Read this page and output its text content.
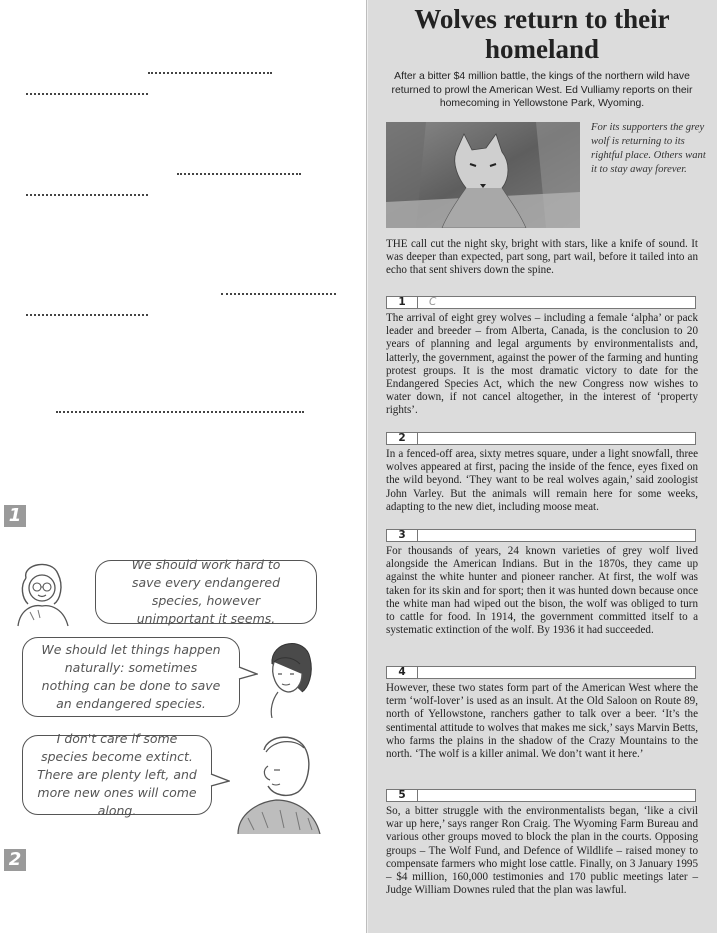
1
2
We should work hard to save every endangered species, however unimportant it seems.
We should let things happen naturally: sometimes nothing can be done to save an endangered species.
I don't care if some species become extinct. There are plenty left, and more new ones will come along.
Wolves return to their homeland
After a bitter $4 million battle, the kings of the northern wild have returned to prowl the American West. Ed Vulliamy reports on their homecoming in Yellowstone Park, Wyoming.
For its supporters the grey wolf is returning to its rightful place. Others want it to stay away forever.

THE call cut the night sky, bright with stars, like a knife of sound. It was deeper than expected, part song, part wail, before it tailed into an echo that sent shivers down the spine.

1	C

The arrival of eight grey wolves – including a female ‘alpha’ or pack leader and breeder – from Alberta, Canada, is the conclusion to 20 years of planning and legal arguments by environmentalists and, latterly, the government, against the power of the farming and hunting protest groups. It is the most dramatic victory to date for the Endangered Species Act, which the new Congress now wishes to water down, if not cancel altogether, in the interest of ‘property rights’.

2

In a fenced-off area, sixty metres square, under a light snowfall, three wolves appeared at first, pacing the inside of the fence, eyes fixed on the wild beyond. ‘They want to be real wolves again,’ said zoologist John Varley. But the animals will remain here for some weeks, adapting to the new diet, including moose meat.

3

For thousands of years, 24 known varieties of grey wolf lived alongside the American Indians. But in the 1870s, they came up against the white hunter and pioneer rancher. At first, the wolf was taken for its skin and for sport; then it was hunted down because once the white man had wiped out the bison, the wolf was obliged to turn to cattle for food. In 1914, the government committed itself to a systematic extinction of the wolf. By 1936 it had succeeded.

4

However, these two states form part of the American West where the term ‘wolf-lover’ is used as an insult. At the Old Saloon on Route 89, north of Yellowstone, ranchers gather to talk over a beer. ‘It’s the sentimental attitude to wolves that makes me sick,’ says Marvin Betts, who farms the plains in the shadow of the Crazy Mountains to the north. ‘The wolf is a killer animal. We don’t want it here.’

5

So, a bitter struggle with the environmentalists began, ‘like a civil war up here,’ says ranger Ron Craig. The Wyoming Farm Bureau and various other groups moved to block the plan in the courts. Opposing groups – The Wolf Fund, and Defence of Wildlife – raised money to compensate farmers who might lose cattle. Finally, on 3 January 1995 – $4 million, 160,000 testimonies and 170 public meetings later – Judge William Downes ruled that the plan was lawful.
